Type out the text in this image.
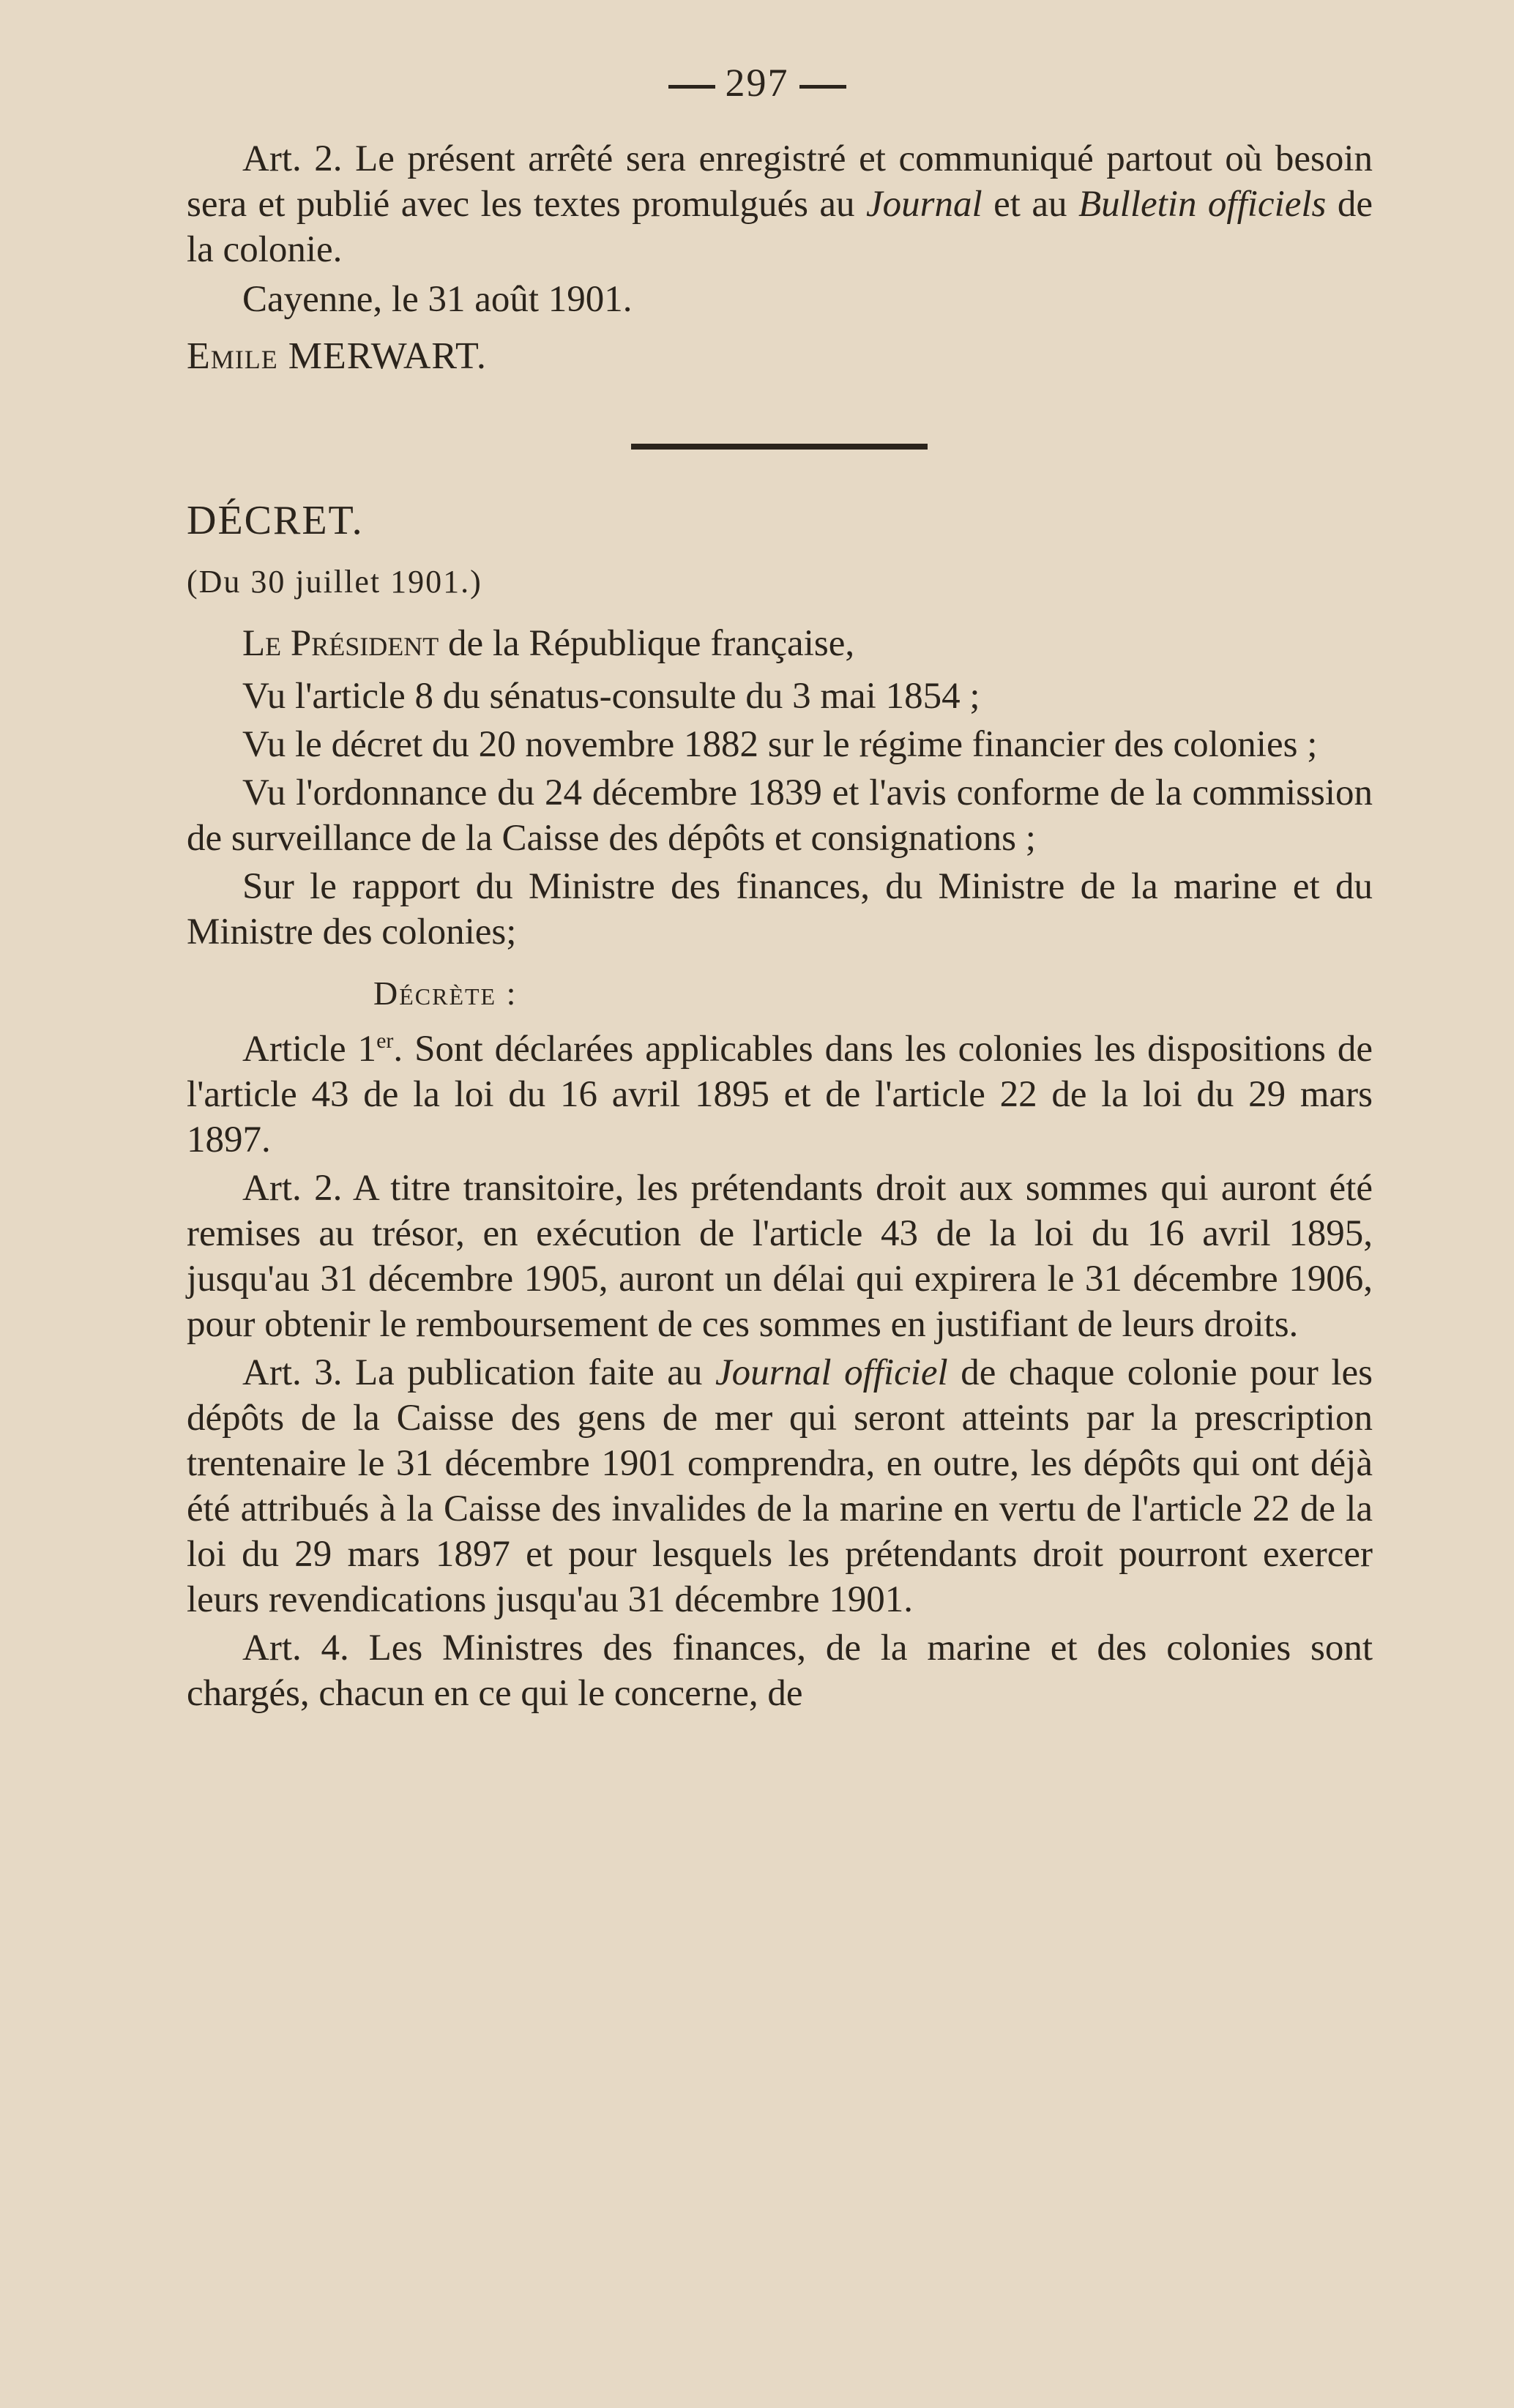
297

Art. 2. Le présent arrêté sera enregistré et communiqué partout où besoin sera et publié avec les textes promulgués au Journal et au Bulletin officiels de la colonie.

Cayenne, le 31 août 1901.

Emile MERWART.

DÉCRET.

(Du 30 juillet 1901.)

Le Président de la République française,

Vu l'article 8 du sénatus-consulte du 3 mai 1854 ;

Vu le décret du 20 novembre 1882 sur le régime financier des colonies ;

Vu l'ordonnance du 24 décembre 1839 et l'avis conforme de la commission de surveillance de la Caisse des dépôts et consignations ;

Sur le rapport du Ministre des finances, du Ministre de la marine et du Ministre des colonies;

Décrète :

Article 1er. Sont déclarées applicables dans les colonies les dispositions de l'article 43 de la loi du 16 avril 1895 et de l'article 22 de la loi du 29 mars 1897.

Art. 2. A titre transitoire, les prétendants droit aux sommes qui auront été remises au trésor, en exécution de l'article 43 de la loi du 16 avril 1895, jusqu'au 31 décembre 1905, auront un délai qui expirera le 31 décembre 1906, pour obtenir le remboursement de ces sommes en justifiant de leurs droits.

Art. 3. La publication faite au Journal officiel de chaque colonie pour les dépôts de la Caisse des gens de mer qui seront atteints par la prescription trentenaire le 31 décembre 1901 comprendra, en outre, les dépôts qui ont déjà été attribués à la Caisse des invalides de la marine en vertu de l'article 22 de la loi du 29 mars 1897 et pour lesquels les prétendants droit pourront exercer leurs revendications jusqu'au 31 décembre 1901.

Art. 4. Les Ministres des finances, de la marine et des colonies sont chargés, chacun en ce qui le concerne, de
